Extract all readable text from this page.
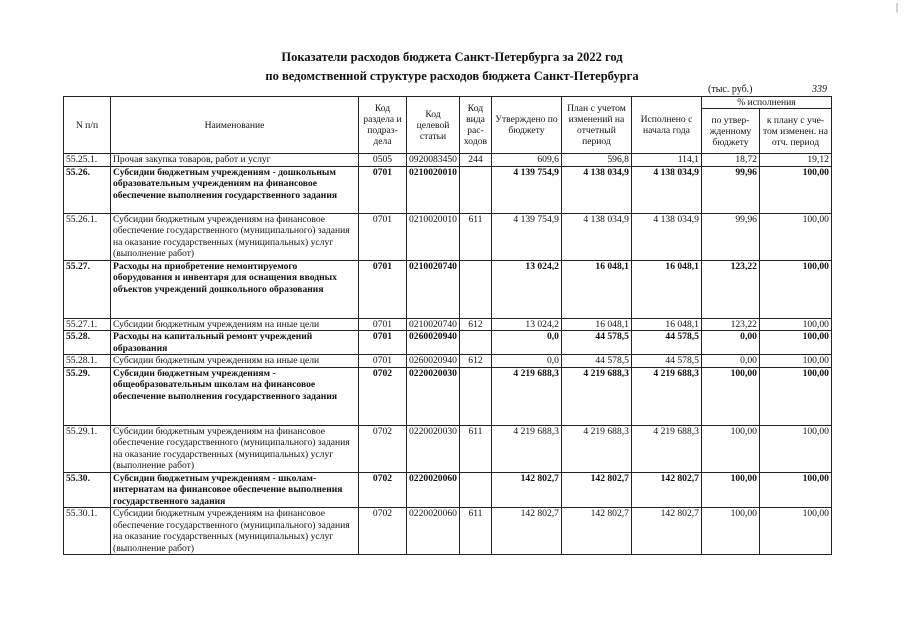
Показатели расходов бюджета Санкт-Петербурга за 2022 год
по ведомственной структуре расходов бюджета Санкт-Петербурга
(тыс. руб.)	339
|
N п/п	Наименование	Код раздела и подраз-дела	Код целевой статьи	Код вида рас-ходов	Утверждено по бюджету	План с учетом изменений на отчетный период	Исполнено с начала года	% исполнения	
								по утвер-жденному бюджету	к плану с уче-том изменен. на отч. период
55.25.1.	Прочая закупка товаров, работ и услуг	0505	0920083450	244	609,6	596,8	114,1	18,72	19,12
55.26.	Субсидии бюджетным учреждениям - дошкольным образовательным учреждениям на финансовое обеспечение выполнения государственного задания	0701	0210020010		4 139 754,9	4 138 034,9	4 138 034,9	99,96	100,00
55.26.1.	Субсидии бюджетным учреждениям на финансовое обеспечение государственного (муниципального) задания на оказание государственных (муниципальных) услуг (выполнение работ)	0701	0210020010	611	4 139 754,9	4 138 034,9	4 138 034,9	99,96	100,00
55.27.	Расходы на приобретение немонтируемого оборудования и инвентаря для оснащения вводных объектов учреждений дошкольного образования	0701	0210020740		13 024,2	16 048,1	16 048,1	123,22	100,00
55.27.1.	Субсидии бюджетным учреждениям на иные цели	0701	0210020740	612	13 024,2	16 048,1	16 048,1	123,22	100,00
55.28.	Расходы на капитальный ремонт учреждений образования	0701	0260020940		0,0	44 578,5	44 578,5	0,00	100,00
55.28.1.	Субсидии бюджетным учреждениям на иные цели	0701	0260020940	612	0,0	44 578,5	44 578,5	0,00	100,00
55.29.	Субсидии бюджетным учреждениям - общеобразовательным школам на финансовое обеспечение выполнения государственного задания	0702	0220020030		4 219 688,3	4 219 688,3	4 219 688,3	100,00	100,00
55.29.1.	Субсидии бюджетным учреждениям на финансовое обеспечение государственного (муниципального) задания на оказание государственных (муниципальных) услуг (выполнение работ)	0702	0220020030	611	4 219 688,3	4 219 688,3	4 219 688,3	100,00	100,00
55.30.	Субсидии бюджетным учреждениям - школам-интернатам на финансовое обеспечение выполнения государственного задания	0702	0220020060		142 802,7	142 802,7	142 802,7	100,00	100,00
55.30.1.	Субсидии бюджетным учреждениям на финансовое обеспечение государственного (муниципального) задания на оказание государственных (муниципальных) услуг (выполнение работ)	0702	0220020060	611	142 802,7	142 802,7	142 802,7	100,00	100,00
